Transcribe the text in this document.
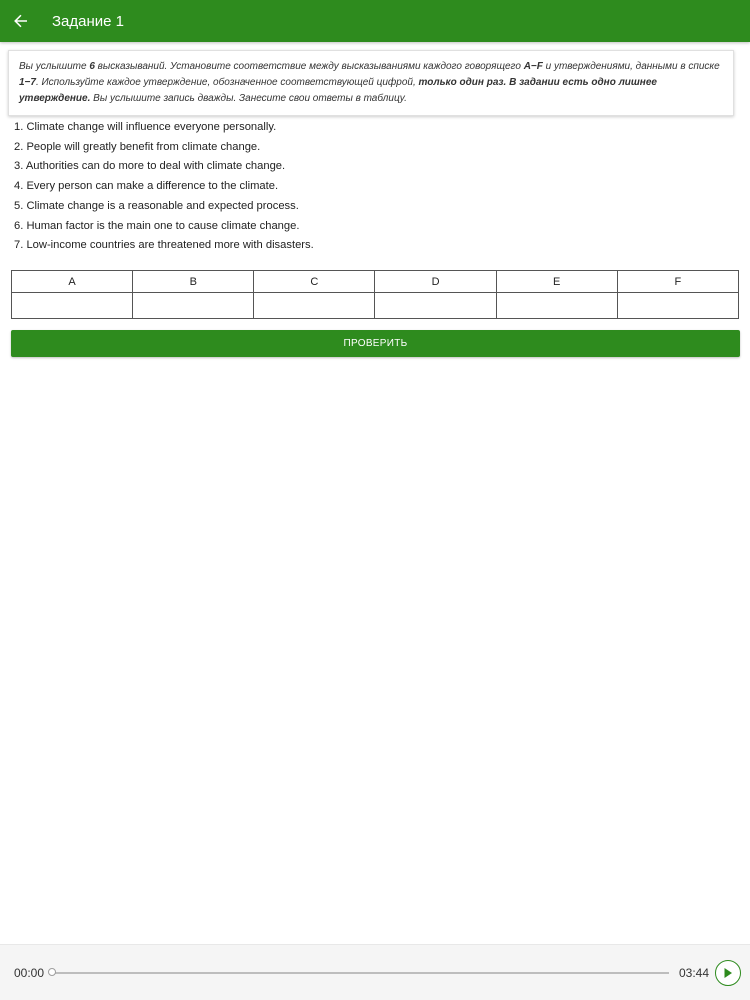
Задание 1
Вы услышите 6 высказываний. Установите соответствие между высказываниями каждого говорящего A−F и утверждениями, данными в списке 1−7. Используйте каждое утверждение, обозначенное соответствующей цифрой, только один раз. В задании есть одно лишнее утверждение. Вы услышите запись дважды. Занесите свои ответы в таблицу.
1. Climate change will influence everyone personally.
2. People will greatly benefit from climate change.
3. Authorities can do more to deal with climate change.
4. Every person can make a difference to the climate.
5. Climate change is a reasonable and expected process.
6. Human factor is the main one to cause climate change.
7. Low-income countries are threatened more with disasters.
A	B	C	D	E	F

ПРОВЕРИТЬ
00:00	03:44
